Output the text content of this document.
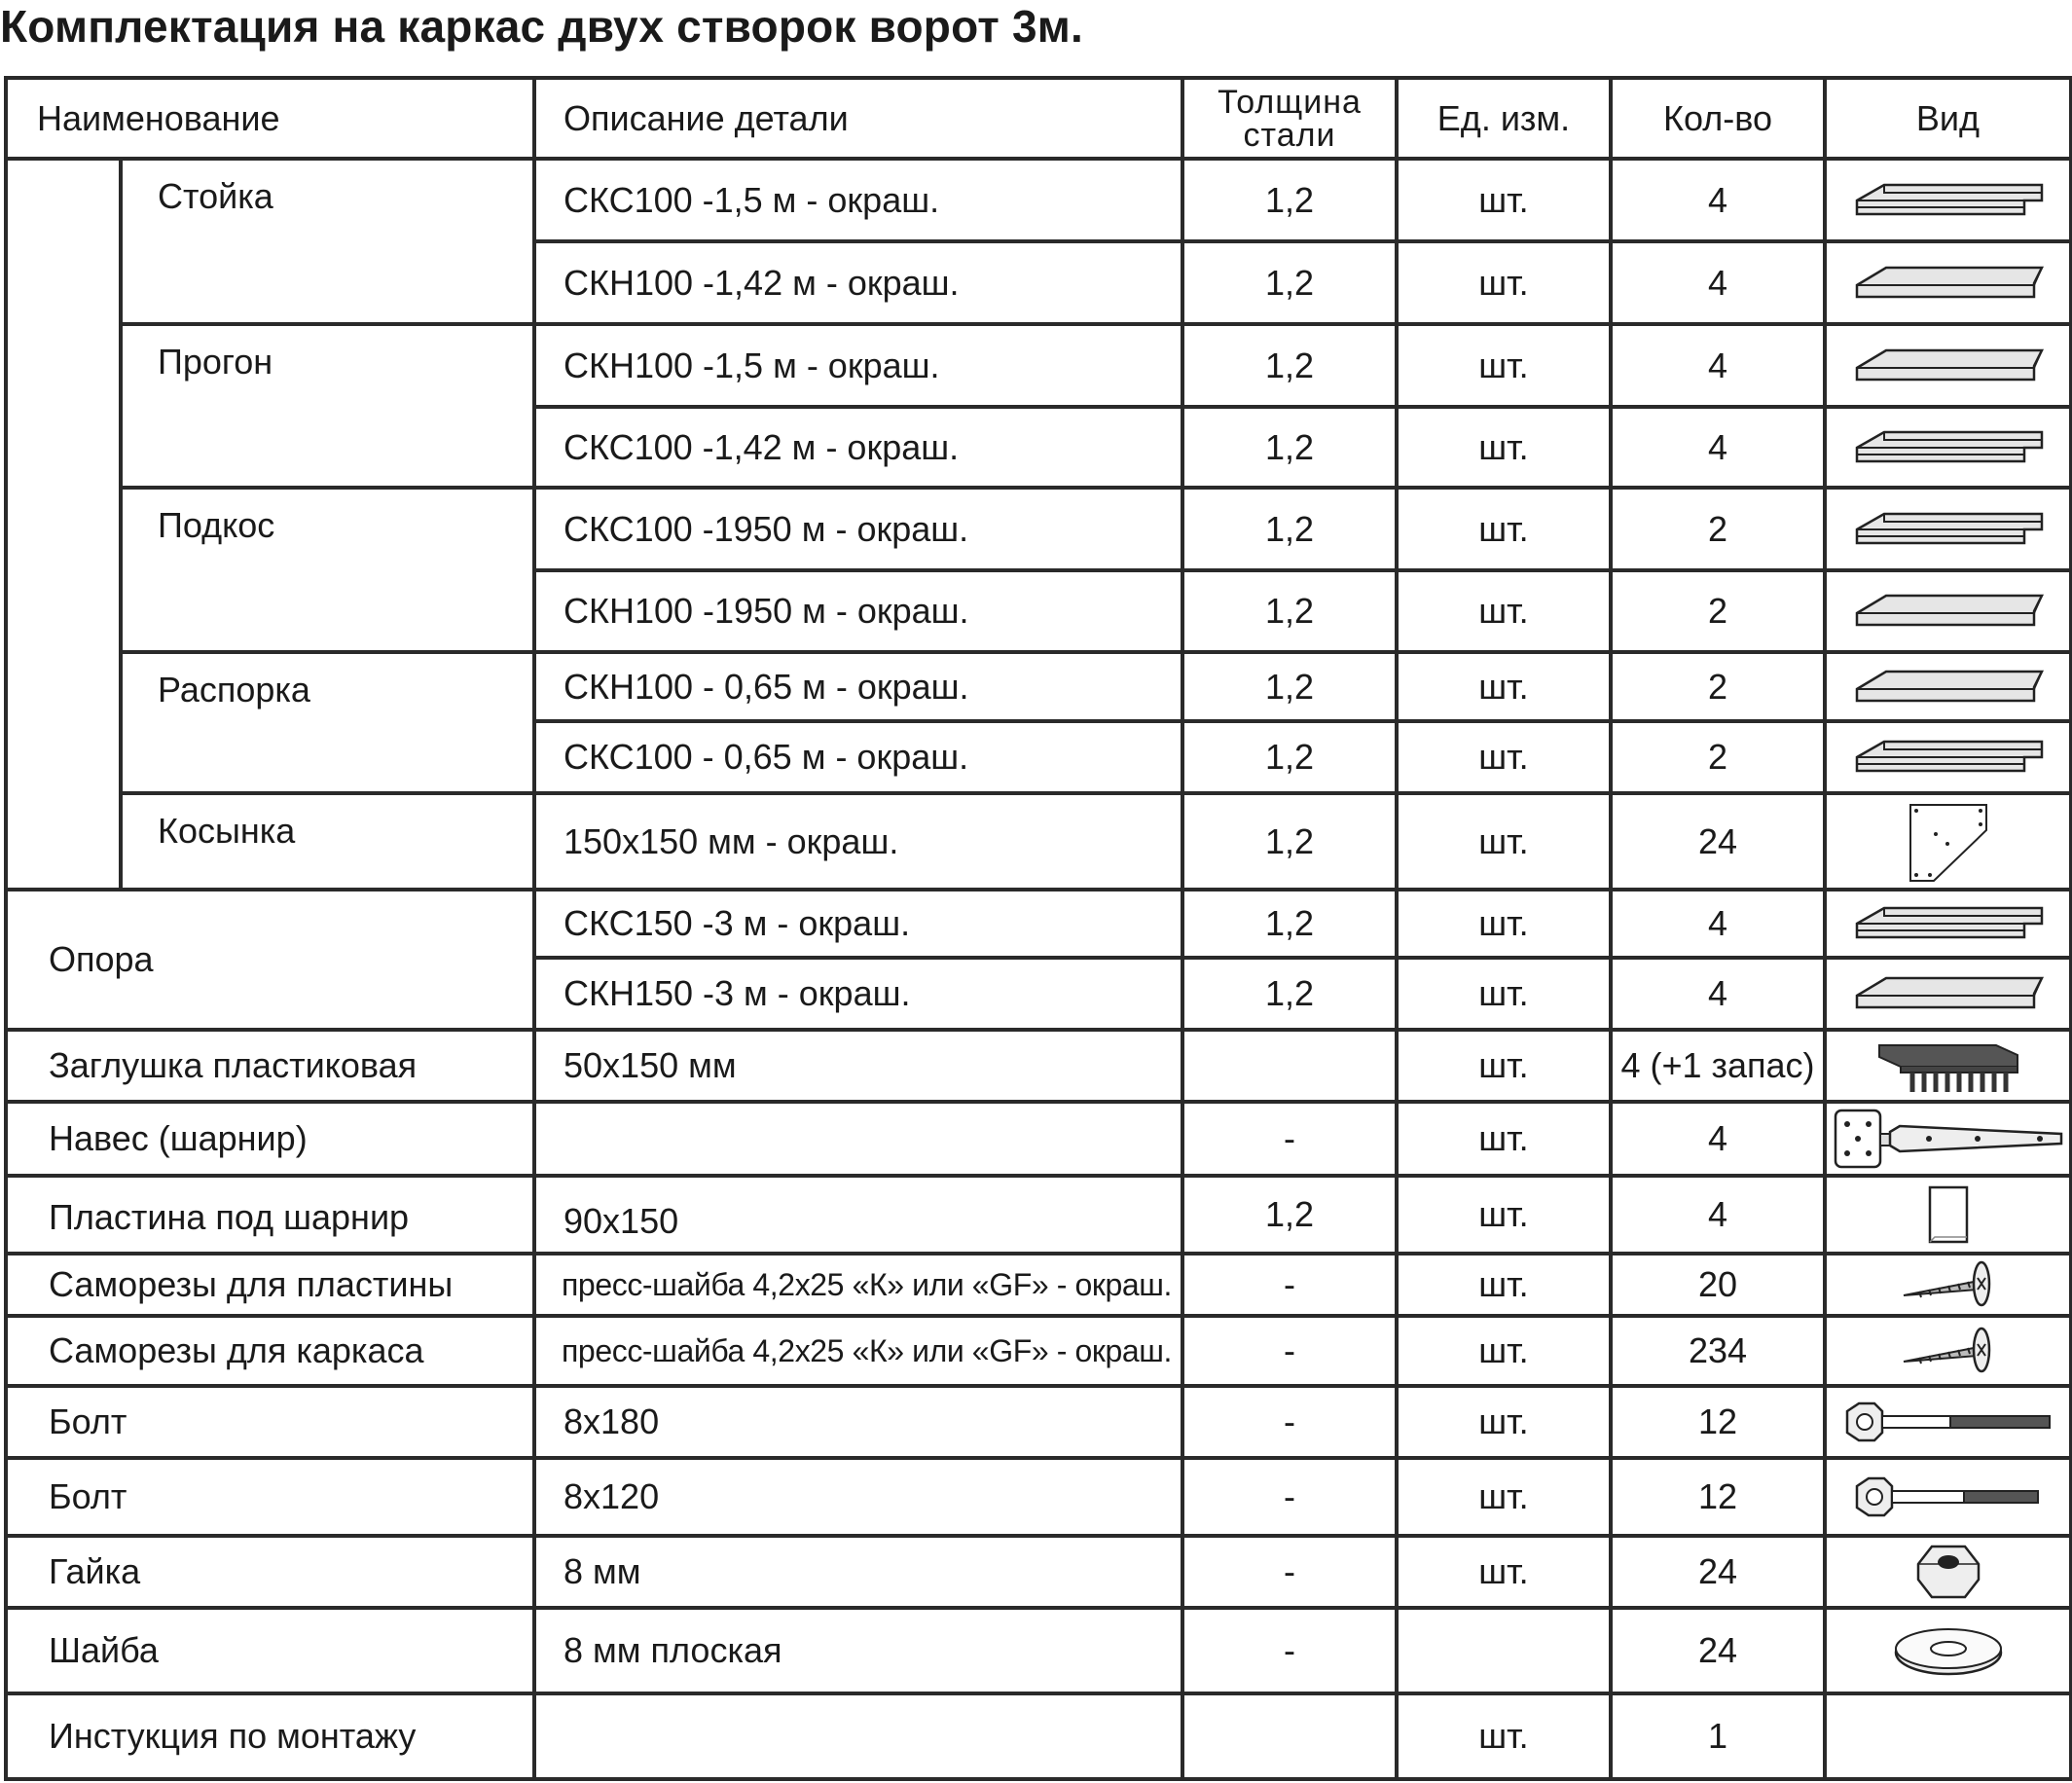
Комплектация на каркас двух створок ворот 3м.
Наименование		Описание детали	Толщина
стали	Ед. изм.	Кол-во	Вид
	Стойка	СКС100 -1,5 м - окраш.	1,2	шт.	4	

		СКН100 -1,42 м - окраш.	1,2	шт.	4	

	Прогон	СКН100 -1,5 м - окраш.	1,2	шт.	4	

		СКС100 -1,42 м - окраш.	1,2	шт.	4	

	Подкос	СКС100 -1950 м - окраш.	1,2	шт.	2	

		СКН100 -1950 м - окраш.	1,2	шт.	2	

	Распорка	СКН100 - 0,65 м - окраш.	1,2	шт.	2	

		СКС100 - 0,65 м - окраш.	1,2	шт.	2	

	Косынка	150х150 мм - окраш.	1,2	шт.	24	

Опора		СКС150 -3 м - окраш.	1,2	шт.	4	

		СКН150 -3 м - окраш.	1,2	шт.	4	

Заглушка пластиковая		50х150 мм		шт.	4 (+1 запас)	

Навес (шарнир)			-	шт.	4	

Пластина под шарнир		90х150	1,2	шт.	4	

Саморезы для пластины		пресс-шайба 4,2х25 «К» или «GF» - окраш.	-	шт.	20	

Саморезы для каркаса		пресс-шайба 4,2х25 «К» или «GF» - окраш.	-	шт.	234	

Болт		8х180	-	шт.	12	

Болт		8х120	-	шт.	12	

Гайка		8 мм	-	шт.	24	

Шайба		8 мм плоская	-		24	

Инстукция по монтажу				шт.	1	
